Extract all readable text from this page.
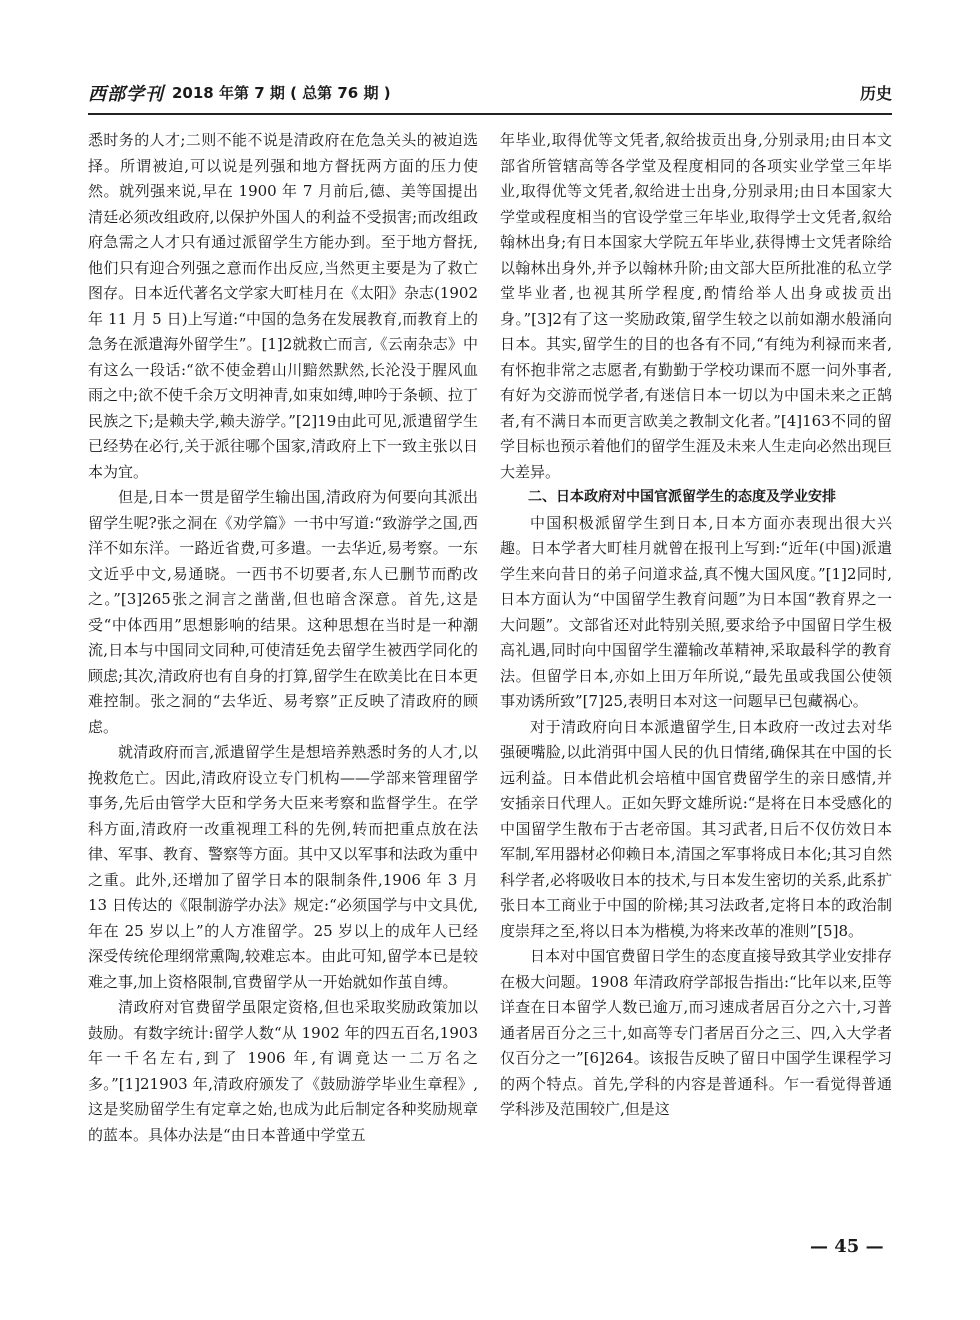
西部学刊 2018 年第 7 期 ( 总第 76 期 )	历史

悉时务的人才;二则不能不说是清政府在危急关头的被迫选择。所谓被迫,可以说是列强和地方督抚两方面的压力使然。就列强来说,早在 1900 年 7 月前后,德、美等国提出清廷必须改组政府,以保护外国人的利益不受损害;而改组政府急需之人才只有通过派留学生方能办到。至于地方督抚,他们只有迎合列强之意而作出反应,当然更主要是为了救亡图存。日本近代著名文学家大町桂月在《太阳》杂志(1902 年 11 月 5 日)上写道:“中国的急务在发展教育,而教育上的急务在派遣海外留学生”。[1]2就救亡而言,《云南杂志》中有这么一段话:“欲不使金碧山川黯然默然,长沦没于腥风血雨之中;欲不使千余万文明神青,如束如缚,呻吟于条顿、拉丁民族之下;是赖夫学,赖夫游学。”[2]19由此可见,派遣留学生已经势在必行,关于派往哪个国家,清政府上下一致主张以日本为宜。

但是,日本一贯是留学生输出国,清政府为何要向其派出留学生呢?张之洞在《劝学篇》一书中写道:“致游学之国,西洋不如东洋。一路近省费,可多遣。一去华近,易考察。一东文近乎中文,易通晓。一西书不切要者,东人已删节而酌改之。”[3]265张之洞言之凿凿,但也暗含深意。首先,这是受“中体西用”思想影响的结果。这种思想在当时是一种潮流,日本与中国同文同种,可使清廷免去留学生被西学同化的顾虑;其次,清政府也有自身的打算,留学生在欧美比在日本更难控制。张之洞的“去华近、易考察”正反映了清政府的顾虑。

就清政府而言,派遣留学生是想培养熟悉时务的人才,以挽救危亡。因此,清政府设立专门机构——学部来管理留学事务,先后由管学大臣和学务大臣来考察和监督学生。在学科方面,清政府一改重视理工科的先例,转而把重点放在法律、军事、教育、警察等方面。其中又以军事和法政为重中之重。此外,还增加了留学日本的限制条件,1906 年 3 月 13 日传达的《限制游学办法》规定:“必须国学与中文具优,年在 25 岁以上”的人方准留学。25 岁以上的成年人已经深受传统伦理纲常熏陶,较难忘本。由此可知,留学本已是较难之事,加上资格限制,官费留学从一开始就如作茧自缚。

清政府对官费留学虽限定资格,但也采取奖励政策加以鼓励。有数字统计:留学人数“从 1902 年的四五百名,1903 年一千名左右,到了 1906 年,有调竟达一二万名之多。”[1]21903 年,清政府颁发了《鼓励游学毕业生章程》,这是奖励留学生有定章之始,也成为此后制定各种奖励规章的蓝本。具体办法是“由日本普通中学堂五

年毕业,取得优等文凭者,叙给拔贡出身,分别录用;由日本文部省所管辖高等各学堂及程度相同的各项实业学堂三年毕业,取得优等文凭者,叙给进士出身,分别录用;由日本国家大学堂或程度相当的官设学堂三年毕业,取得学士文凭者,叙给翰林出身;有日本国家大学院五年毕业,获得博士文凭者除给以翰林出身外,并予以翰林升阶;由文部大臣所批准的私立学堂毕业者,也视其所学程度,酌情给举人出身或拔贡出身。”[3]2有了这一奖励政策,留学生较之以前如潮水般涌向日本。其实,留学生的目的也各有不同,“有纯为利禄而来者,有怀抱非常之志愿者,有勤勤于学校功课而不愿一问外事者,有好为交游而悦学者,有迷信日本一切以为中国未来之正鹄者,有不满日本而更言欧美之教制文化者。”[4]163不同的留学目标也预示着他们的留学生涯及未来人生走向必然出现巨大差异。

二、日本政府对中国官派留学生的态度及学业安排

中国积极派留学生到日本,日本方面亦表现出很大兴趣。日本学者大町桂月就曾在报刊上写到:“近年(中国)派遣学生来向昔日的弟子问道求益,真不愧大国风度。”[1]2同时,日本方面认为“中国留学生教育问题”为日本国“教育界之一大问题”。文部省还对此特别关照,要求给予中国留日学生极高礼遇,同时向中国留学生灌输改革精神,采取最科学的教育法。但留学日本,亦如上田万年所说,“最先虽或我国公使领事劝诱所致”[7]25,表明日本对这一问题早已包藏祸心。

对于清政府向日本派遣留学生,日本政府一改过去对华强硬嘴脸,以此消弭中国人民的仇日情绪,确保其在中国的长远利益。日本借此机会培植中国官费留学生的亲日感情,并安插亲日代理人。正如矢野文雄所说:“是将在日本受感化的中国留学生散布于古老帝国。其习武者,日后不仅仿效日本军制,军用器材必仰赖日本,清国之军事将成日本化;其习自然科学者,必将吸收日本的技术,与日本发生密切的关系,此系扩张日本工商业于中国的阶梯;其习法政者,定将日本的政治制度崇拜之至,将以日本为楷模,为将来改革的准则”[5]8。

日本对中国官费留日学生的态度直接导致其学业安排存在极大问题。1908 年清政府学部报告指出:“比年以来,臣等详查在日本留学人数已逾万,而习速成者居百分之六十,习普通者居百分之三十,如高等专门者居百分之三、四,入大学者仅百分之一”[6]264。该报告反映了留日中国学生课程学习的两个特点。首先,学科的内容是普通科。乍一看觉得普通学科涉及范围较广,但是这

— 45 —
